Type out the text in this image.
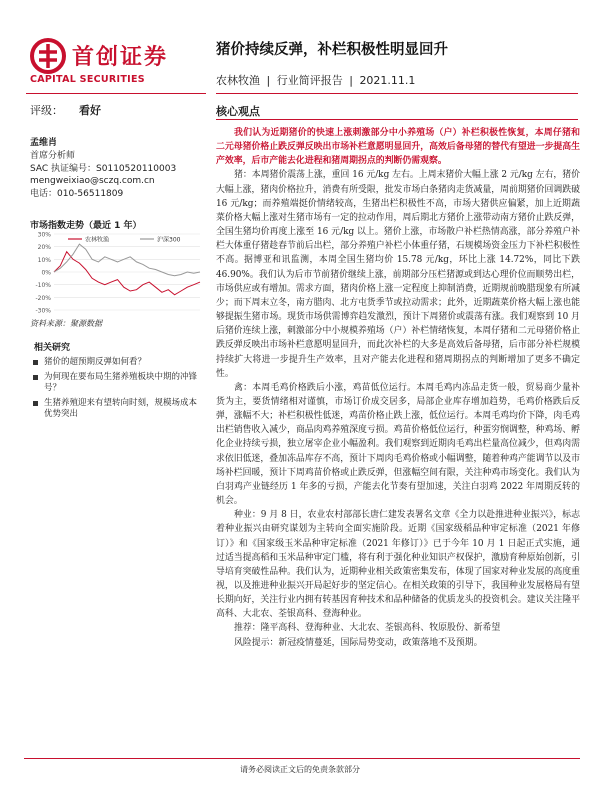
首创证券
CAPITAL SECURITIES
猪价持续反弹，补栏积极性明显回升
农林牧渔 | 行业简评报告 | 2021.11.1
评级： 看好	核心观点
孟维肖
首席分析师
SAC 执证编号：S0110520110003
mengweixiao@sczq.com.cn
电话：010-56511809
市场指数走势（最近 1 年）
30%
20%
10%
0%
-10%
-20%
-30%
农林牧渔	沪深300
资料来源：聚源数据
相关研究
猪价的超预期反弹如何看？
为何现在要布局生猪养殖板块中期的冲锋号？
生猪养殖迎来有望转向时刻，规模场成本优势突出
我们认为近期猪价的快速上涨刺激部分中小养殖场（户）补栏积极性恢复，本周仔猪和二元母猪价格止跌反弹反映出市场补栏意愿明显回升，高效后备母猪的替代有望进一步提高生产效率，后市产能去化进程和猪周期拐点的判断仍需观察。

猪：本周猪价震荡上涨，重回 16 元/kg 左右。上周末猪价大幅上涨 2 元/kg 左右，猪价大幅上涨，猪肉价格拉升，消费有所受限，批发市场白条猪肉走货减量，周前期猪价回调跌破 16 元/kg；而养殖端挺价情绪较高，生猪出栏积极性不高，市场大猪供应偏紧，加上近期蔬菜价格大幅上涨对生猪市场有一定的拉动作用，周后期北方猪价上涨带动南方猪价止跌反弹，全国生猪均价再度上涨至 16 元/kg 以上。猪价上涨，市场散户补栏热情高涨，部分养殖户补栏大体重仔猪趁春节前后出栏，部分养殖户补栏小体重仔猪，石规模场资金压力下补栏积极性不高。据博亚和讯监测，本周全国生猪均价 15.78 元/kg，环比上涨 14.72%，同比下跌 46.90%。我们认为后市节前猪价继续上涨，前期部分压栏猪源或到达心理价位而顺势出栏，市场供应或有增加。需求方面，猪肉价格上涨一定程度上抑制消费，近期规前晚腊现象有所减少；而下周末立冬，南方腊肉、北方屯货季节或拉动需求；此外，近期蔬菜价格大幅上涨也能够提振生猪市场。现货市场供需博弈趋发激烈，预计下周猪价或震荡有涨。我们观察到 10 月后猪价连续上涨，刺激部分中小规模养殖场（户）补栏情绪恢复，本周仔猪和二元母猪价格止跌反弹反映出市场补栏意愿明显回升，而此次补栏的大多是高效后备母猪，后市部分补栏规模持续扩大将进一步提升生产效率，且对产能去化进程和猪周期拐点的判断增加了更多不确定性。

禽：本周毛鸡价格跌后小涨，鸡苗低位运行。本周毛鸡内冻品走货一般，贸易商少量补货为主，要货情绪相对谨慎，市场订价成交居多，局部企业库存增加趋势，毛鸡价格跌后反弹，涨幅不大；补栏积极性低迷，鸡苗价格止跌上涨，低位运行。本周毛鸡均价下降，肉毛鸡出栏销售收入减少，商品肉鸡养殖深度亏损。鸡苗价格低位运行，种蛋穷悯调整，种鸡场、孵化企业持续亏损，独立屠宰企业小幅盈利。我们观察到近期肉毛鸡出栏量高位减少，但鸡肉需求依旧低迷，叠加冻品库存不高，预计下周肉毛鸡价格或小幅调整，随着种鸡产能调节以及市场补栏回暖，预计下周鸡苗价格或止跌反弹，但涨幅空间有限，关注种鸡市场变化。我们认为白羽鸡产业链经历 1 年多的亏损，产能去化节奏有望加速，关注白羽鸡 2022 年周期反转的机会。

种业：9 月 8 日，农业农村部部长唐仁建发表署名文章《全力以赴推进种业振兴》，标志着种业振兴由研究谋划为主转向全面实施阶段。近期《国家级稻品种审定标准（2021 年修订）》和《国家级玉米品种审定标准（2021 年修订）》已于今年 10 月 1 日起正式实施，通过适当提高稻和玉米品种审定门槛，将有利于强化种业知识产权保护，激励育种原始创新，引导培育突破性品种。我们认为，近期种业相关政策密集发布，体现了国家对种业发展的高度重视，以及推进种业振兴开局起好步的坚定信心。在相关政策的引导下，我国种业发展格局有望长期向好，关注行业内拥有转基因育种技术和品种储备的优质龙头的投资机会。建议关注隆平高科、大北农、荃银高科、登海种业。

推荐：隆平高科、登海种业、大北农、荃银高科、牧原股份、新希望

风险提示：新冠疫情蔓延，国际局势变动，政策落地不及预期。

请务必阅读正文后的免责条款部分
